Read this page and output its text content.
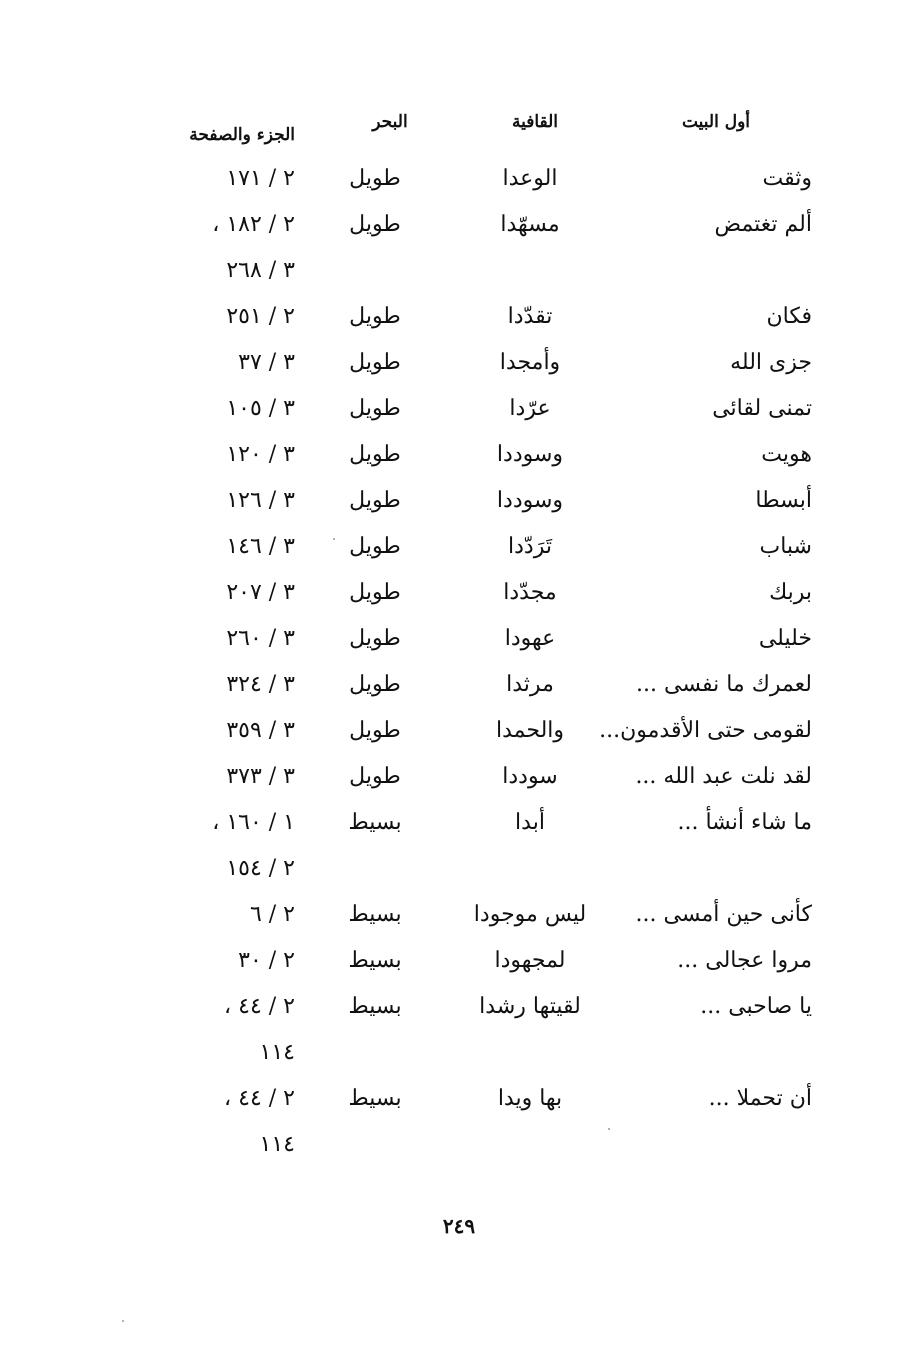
أول البيت
القافية
البحر
الجزء والصفحة
وثقت
الوعدا
طويل
٢ / ١٧١
ألم تغتمض
مسهّدا
طويل
٢ / ١٨٢ ،
٣ / ٢٦٨
فكان
تقدّدا
طويل
٢ / ٢٥١
جزى الله
وأمجدا
طويل
٣ / ٣٧
تمنى لقائى
عرّدا
طويل
٣ / ١٠٥
هويت
وسوددا
طويل
٣ / ١٢٠
أبسطا
وسوددا
طويل
٣ / ١٢٦
شباب
تَرَدّدا
طويل
٣ / ١٤٦
بربك
مجدّدا
طويل
٣ / ٢٠٧
خليلى
عهودا
طويل
٣ / ٢٦٠
لعمرك ما نفسى ...
مرثدا
طويل
٣ / ٣٢٤
لقومى حتى الأقدمون...
والحمدا
طويل
٣ / ٣٥٩
لقد نلت عبد الله ...
سوددا
طويل
٣ / ٣٧٣
ما شاء أنشأ ...
أبدا
بسيط
١ / ١٦٠ ،
٢ / ١٥٤
كأنى حين أمسى ...
ليس موجودا
بسيط
٢ / ٦
مروا عجالى ...
لمجهودا
بسيط
٢ / ٣٠
يا صاحبى ...
لقيتها رشدا
بسيط
٢ / ٤٤ ،
١١٤
أن تحملا ...
بها ويدا
بسيط
٢ / ٤٤ ،
١١٤
٢٤٩
